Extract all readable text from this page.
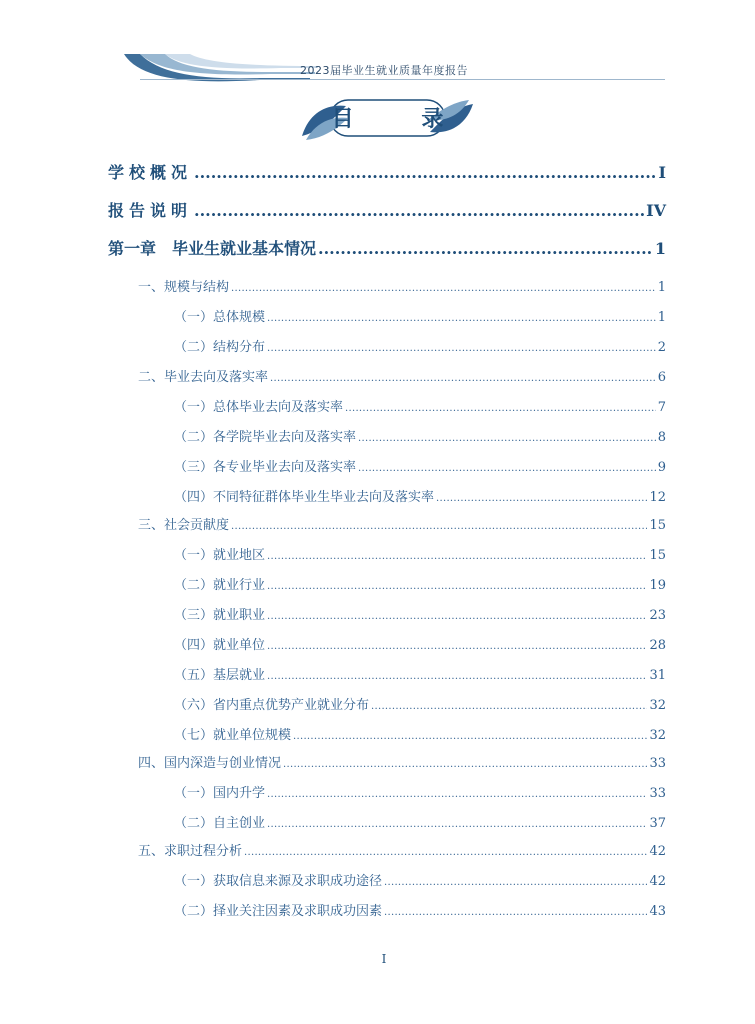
2023届毕业生就业质量年度报告
目 录
学校概况 .....	I
报告说明 .....	IV
第一章　毕业生就业基本情况 .....	1
一、规模与结构 .....	1
（一）总体规模 .....	1
（二）结构分布 .....	2
二、毕业去向及落实率 .....	6
（一）总体毕业去向及落实率 .....	7
（二）各学院毕业去向及落实率 .....	8
（三）各专业毕业去向及落实率 .....	9
（四）不同特征群体毕业生毕业去向及落实率 .....	12
三、社会贡献度 .....	15
（一）就业地区 .....	15
（二）就业行业 .....	19
（三）就业职业 .....	23
（四）就业单位 .....	28
（五）基层就业 .....	31
（六）省内重点优势产业就业分布 .....	32
（七）就业单位规模 .....	32
四、国内深造与创业情况 .....	33
（一）国内升学 .....	33
（二）自主创业 .....	37
五、求职过程分析 .....	42
（一）获取信息来源及求职成功途径 .....	42
（二）择业关注因素及求职成功因素 .....	43
I
